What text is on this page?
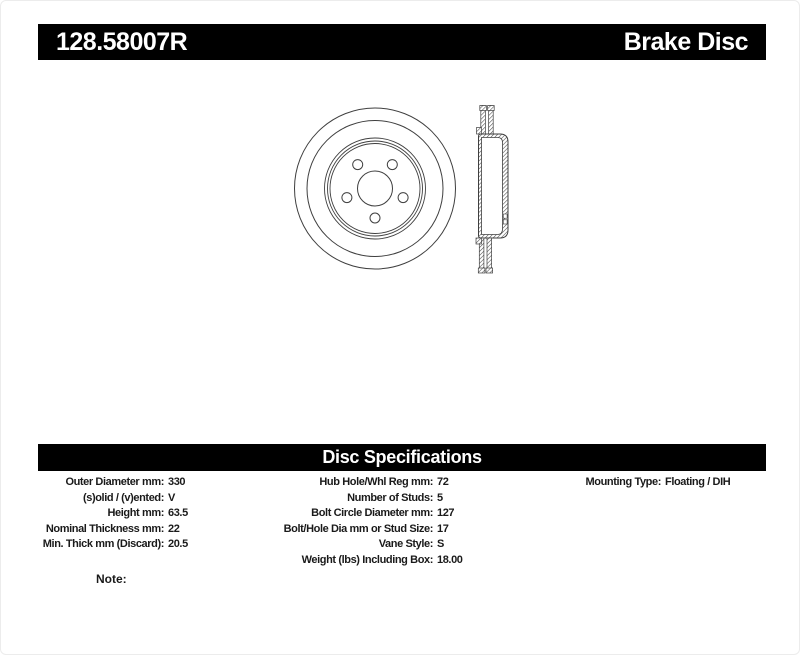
128.58007R	Brake Disc
Disc Specifications
Outer Diameter mm: 330
(s)olid / (v)ented: V
Height mm: 63.5
Nominal Thickness mm: 22
Min. Thick mm (Discard): 20.5
Hub Hole/Whl Reg mm: 72
Number of Studs: 5
Bolt Circle Diameter mm: 127
Bolt/Hole Dia mm or Stud Size: 17
Vane Style: S
Weight (lbs) Including Box: 18.00
Mounting Type: Floating / DIH
Note:
